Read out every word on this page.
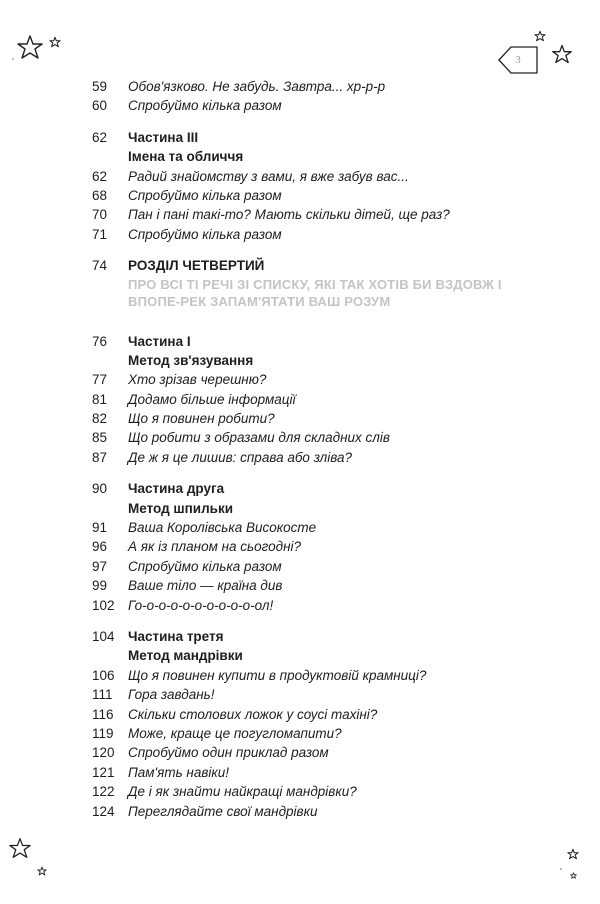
3
59 Обов'язково. Не забудь. Завтра... хр-р-р
60 Спробуймо кілька разом
62 Частина III
Імена та обличчя
62 Радий знайомству з вами, я вже забув вас...
68 Спробуймо кілька разом
70 Пан і пані такі-то? Мають скільки дітей, ще раз?
71 Спробуймо кілька разом
74 РОЗДІЛ ЧЕТВЕРТИЙ
ПРО ВСІ ТІ РЕЧІ ЗІ СПИСКУ, ЯКІ ТАК ХОТІВ БИ ВЗДОВЖ І ВПОПЕ-РЕК ЗАПАМ'ЯТАТИ ВАШ РОЗУМ
76 Частина I
Метод зв'язування
77 Хто зрізав черешню?
81 Додамо більше інформації
82 Що я повинен робити?
85 Що робити з образами для складних слів
87 Де ж я це лишив: справа або зліва?
90 Частина друга
Метод шпильки
91 Ваша Королівська Високосте
96 А як із планом на сьогодні?
97 Спробуймо кілька разом
99 Ваше тіло — країна див
102 Го-о-о-о-о-о-о-о-о-о-ол!
104 Частина третя
Метод мандрівки
106 Що я повинен купити в продуктовій крамниці?
111 Гора завдань!
116 Скільки столових ложок у соусі тахіні?
119 Може, краще це погугломапити?
120 Спробуймо один приклад разом
121 Пам'ять навіки!
122 Де і як знайти найкращі мандрівки?
124 Переглядайте свої мандрівки
